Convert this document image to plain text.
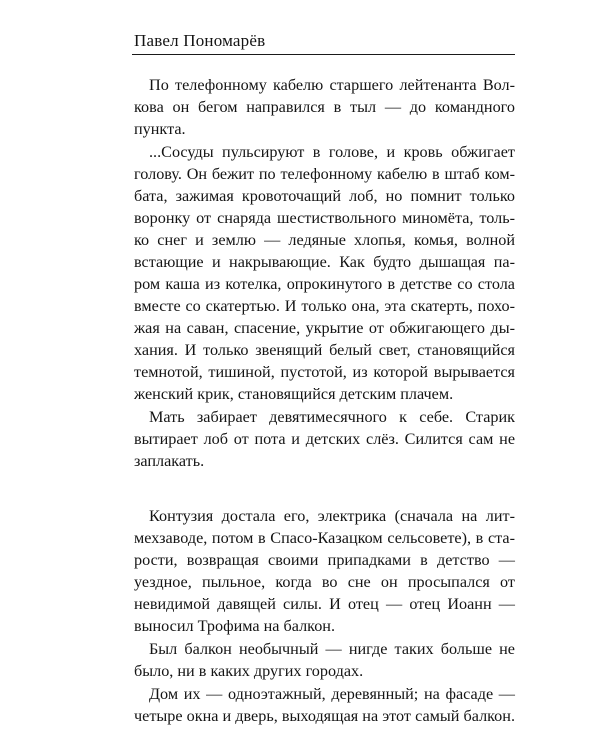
Павел Пономарёв
По телефонному кабелю старшего лейтенанта Вол-
кова он бегом направился в тыл — до командного
пункта.
...Сосуды пульсируют в голове, и кровь обжигает
голову. Он бежит по телефонному кабелю в штаб ком-
бата, зажимая кровоточащий лоб, но помнит только
воронку от снаряда шестиствольного миномёта, толь-
ко снег и землю — ледяные хлопья, комья, волной
встающие и накрывающие. Как будто дышащая па-
ром каша из котелка, опрокинутого в детстве со стола
вместе со скатертью. И только она, эта скатерть, похо-
жая на саван, спасение, укрытие от обжигающего ды-
хания. И только звенящий белый свет, становящийся
темнотой, тишиной, пустотой, из которой вырывается
женский крик, становящийся детским плачем.
Мать забирает девятимесячного к себе. Старик
вытирает лоб от пота и детских слёз. Силится сам не
заплакать.
Контузия достала его, электрика (сначала на лит-
мехзаводе, потом в Спасо-Казацком сельсовете), в ста-
рости, возвращая своими припадками в детство —
уездное, пыльное, когда во сне он просыпался от
невидимой давящей силы. И отец — отец Иоанн —
выносил Трофима на балкон.
Был балкон необычный — нигде таких больше не
было, ни в каких других городах.
Дом их — одноэтажный, деревянный; на фасаде —
четыре окна и дверь, выходящая на этот самый балкон.
